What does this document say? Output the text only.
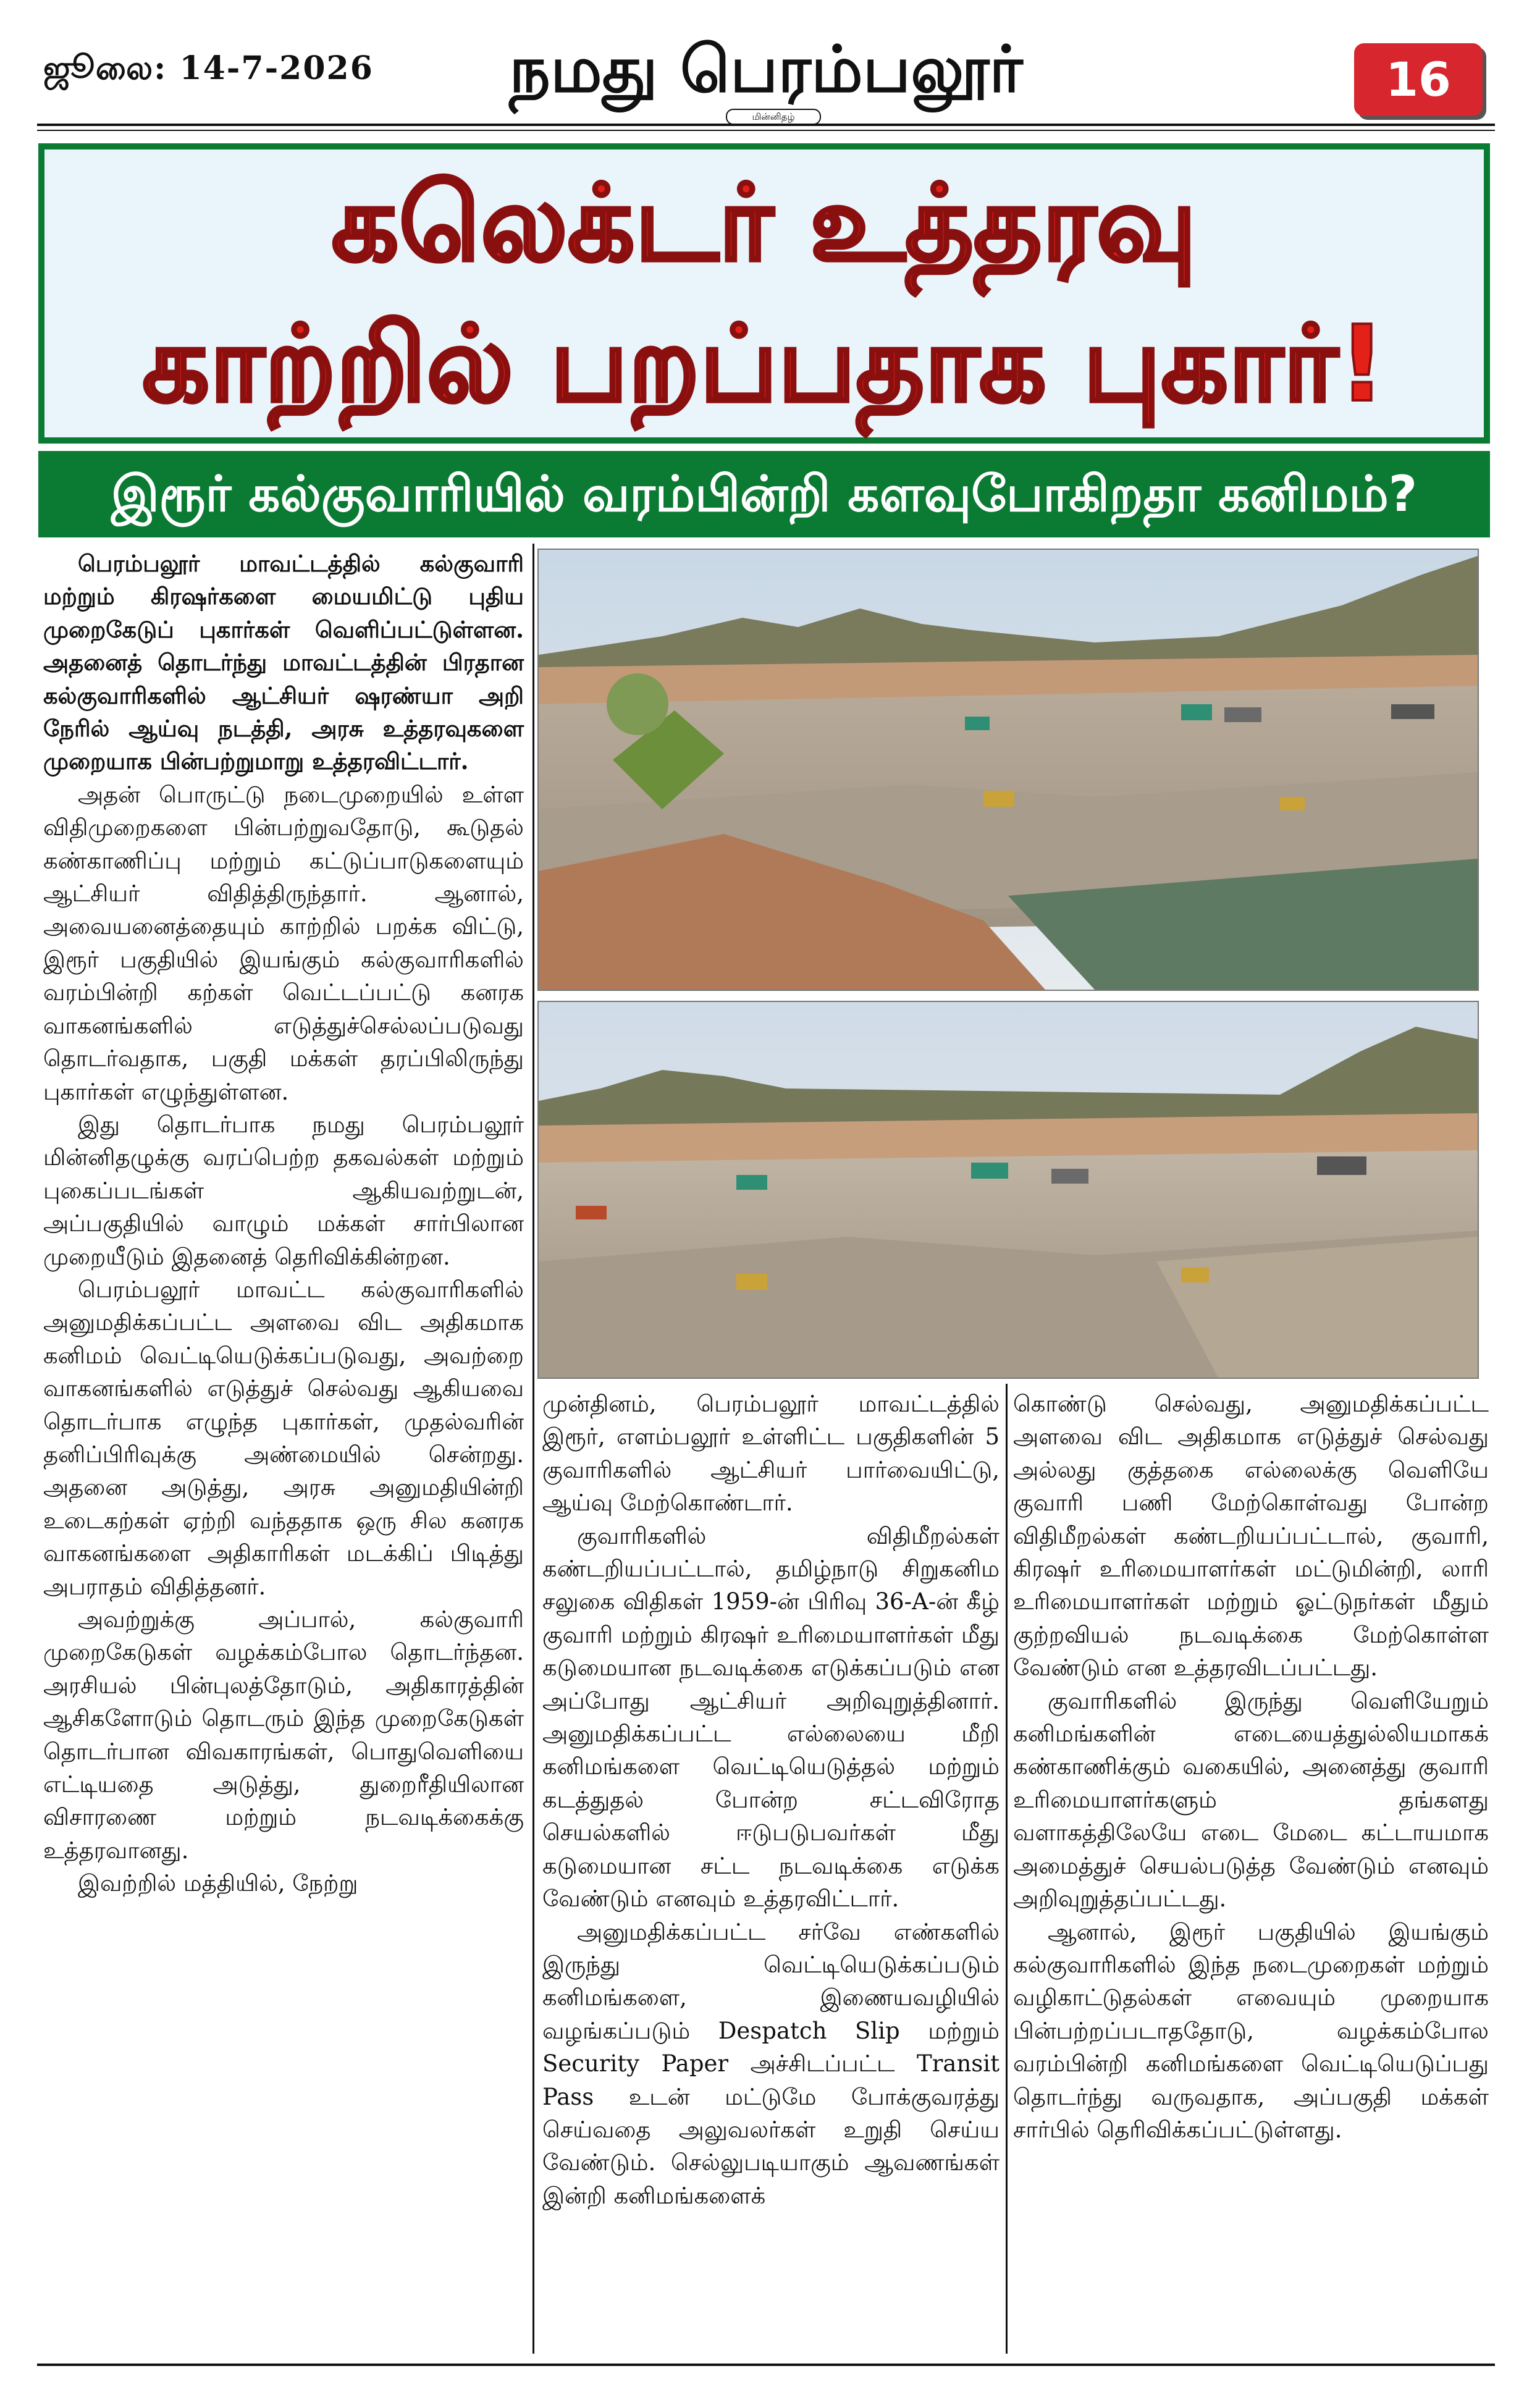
ஜூலை: 14-7-2026	நமது பெரம்பலூர்
மின்னிதழ்
16
கலெக்டர் உத்தரவு
காற்றில் பறப்பதாக புகார்!
இரூர் கல்குவாரியில் வரம்பின்றி களவுபோகிறதா கனிமம்?

பெரம்பலூர் மாவட்டத்தில் கல்குவாரி மற்றும் கிரஷர்களை மையமிட்டு புதிய முறைகேடுப் புகார்கள் வெளிப்பட்டுள்ளன. அதனைத் தொடர்ந்து மாவட்டத்தின் பிரதான கல்குவாரிகளில் ஆட்சியர் ஷரண்யா அறி நேரில் ஆய்வு நடத்தி, அரசு உத்தரவுகளை முறையாக பின்பற்றுமாறு உத்தரவிட்டார்.

அதன் பொருட்டு நடைமுறையில் உள்ள விதிமுறைகளை பின்பற்றுவதோடு, கூடுதல் கண்காணிப்பு மற்றும் கட்டுப்பாடுகளையும் ஆட்சியர் விதித்திருந்தார். ஆனால், அவையனைத்தையும் காற்றில் பறக்க விட்டு, இரூர் பகுதியில் இயங்கும் கல்குவாரிகளில் வரம்பின்றி கற்கள் வெட்டப்பட்டு கனரக வாகனங்களில் எடுத்துச்செல்லப்படுவது தொடர்வதாக, பகுதி மக்கள் தரப்பிலிருந்து புகார்கள் எழுந்துள்ளன.

இது தொடர்பாக நமது பெரம்பலூர் மின்னிதழுக்கு வரப்பெற்ற தகவல்கள் மற்றும் புகைப்படங்கள் ஆகியவற்றுடன், அப்பகுதியில் வாழும் மக்கள் சார்பிலான முறையீடும் இதனைத் தெரிவிக்கின்றன.

பெரம்பலூர் மாவட்ட கல்குவாரிகளில் அனுமதிக்கப்பட்ட அளவை விட அதிகமாக கனிமம் வெட்டியெடுக்கப்படுவது, அவற்றை வாகனங்களில் எடுத்துச் செல்வது ஆகியவை தொடர்பாக எழுந்த புகார்கள், முதல்வரின் தனிப்பிரிவுக்கு அண்மையில் சென்றது. அதனை அடுத்து, அரசு அனுமதியின்றி உடைகற்கள் ஏற்றி வந்ததாக ஒரு சில கனரக வாகனங்களை அதிகாரிகள் மடக்கிப் பிடித்து அபராதம் விதித்தனர்.

அவற்றுக்கு அப்பால், கல்குவாரி முறைகேடுகள் வழக்கம்போல தொடர்ந்தன. அரசியல் பின்புலத்தோடும், அதிகாரத்தின் ஆசிகளோடும் தொடரும் இந்த முறைகேடுகள் தொடர்பான விவகாரங்கள், பொதுவெளியை எட்டியதை அடுத்து, துறைரீதியிலான விசாரணை மற்றும் நடவடிக்கைக்கு உத்தரவானது.

இவற்றில் மத்தியில், நேற்று

முன்தினம், பெரம்பலூர் மாவட்டத்தில் இரூர், எளம்பலூர் உள்ளிட்ட பகுதிகளின் 5 குவாரிகளில் ஆட்சியர் பார்வையிட்டு, ஆய்வு மேற்கொண்டார்.

குவாரிகளில் விதிமீறல்கள் கண்டறியப்பட்டால், தமிழ்நாடு சிறுகனிம சலுகை விதிகள் 1959-ன் பிரிவு 36-A-ன் கீழ் குவாரி மற்றும் கிரஷர் உரிமையாளர்கள் மீது கடுமையான நடவடிக்கை எடுக்கப்படும் என அப்போது ஆட்சியர் அறிவுறுத்தினார். அனுமதிக்கப்பட்ட எல்லையை மீறி கனிமங்களை வெட்டியெடுத்தல் மற்றும் கடத்துதல் போன்ற சட்டவிரோத செயல்களில் ஈடுபடுபவர்கள் மீது கடுமையான சட்ட நடவடிக்கை எடுக்க வேண்டும் எனவும் உத்தரவிட்டார்.

அனுமதிக்கப்பட்ட சர்வே எண்களில் இருந்து வெட்டியெடுக்கப்படும் கனிமங்களை, இணையவழியில் வழங்கப்படும் Despatch Slip மற்றும் Security Paper அச்சிடப்பட்ட Transit Pass உடன் மட்டுமே போக்குவரத்து செய்வதை அலுவலர்கள் உறுதி செய்ய வேண்டும். செல்லுபடியாகும் ஆவணங்கள் இன்றி கனிமங்களைக்

கொண்டு செல்வது, அனுமதிக்கப்பட்ட அளவை விட அதிகமாக எடுத்துச் செல்வது அல்லது குத்தகை எல்லைக்கு வெளியே குவாரி பணி மேற்கொள்வது போன்ற விதிமீறல்கள் கண்டறியப்பட்டால், குவாரி, கிரஷர் உரிமையாளர்கள் மட்டுமின்றி, லாரி உரிமையாளர்கள் மற்றும் ஓட்டுநர்கள் மீதும் குற்றவியல் நடவடிக்கை மேற்கொள்ள வேண்டும் என உத்தரவிடப்பட்டது.

குவாரிகளில் இருந்து வெளியேறும் கனிமங்களின் எடையைத்துல்லியமாகக் கண்காணிக்கும் வகையில், அனைத்து குவாரி உரிமையாளர்களும் தங்களது வளாகத்திலேயே எடை மேடை கட்டாயமாக அமைத்துச் செயல்படுத்த வேண்டும் எனவும் அறிவுறுத்தப்பட்டது.

ஆனால், இரூர் பகுதியில் இயங்கும் கல்குவாரிகளில் இந்த நடைமுறைகள் மற்றும் வழிகாட்டுதல்கள் எவையும் முறையாக பின்பற்றப்படாததோடு, வழக்கம்போல வரம்பின்றி கனிமங்களை வெட்டியெடுப்பது தொடர்ந்து வருவதாக, அப்பகுதி மக்கள் சார்பில் தெரிவிக்கப்பட்டுள்ளது.
